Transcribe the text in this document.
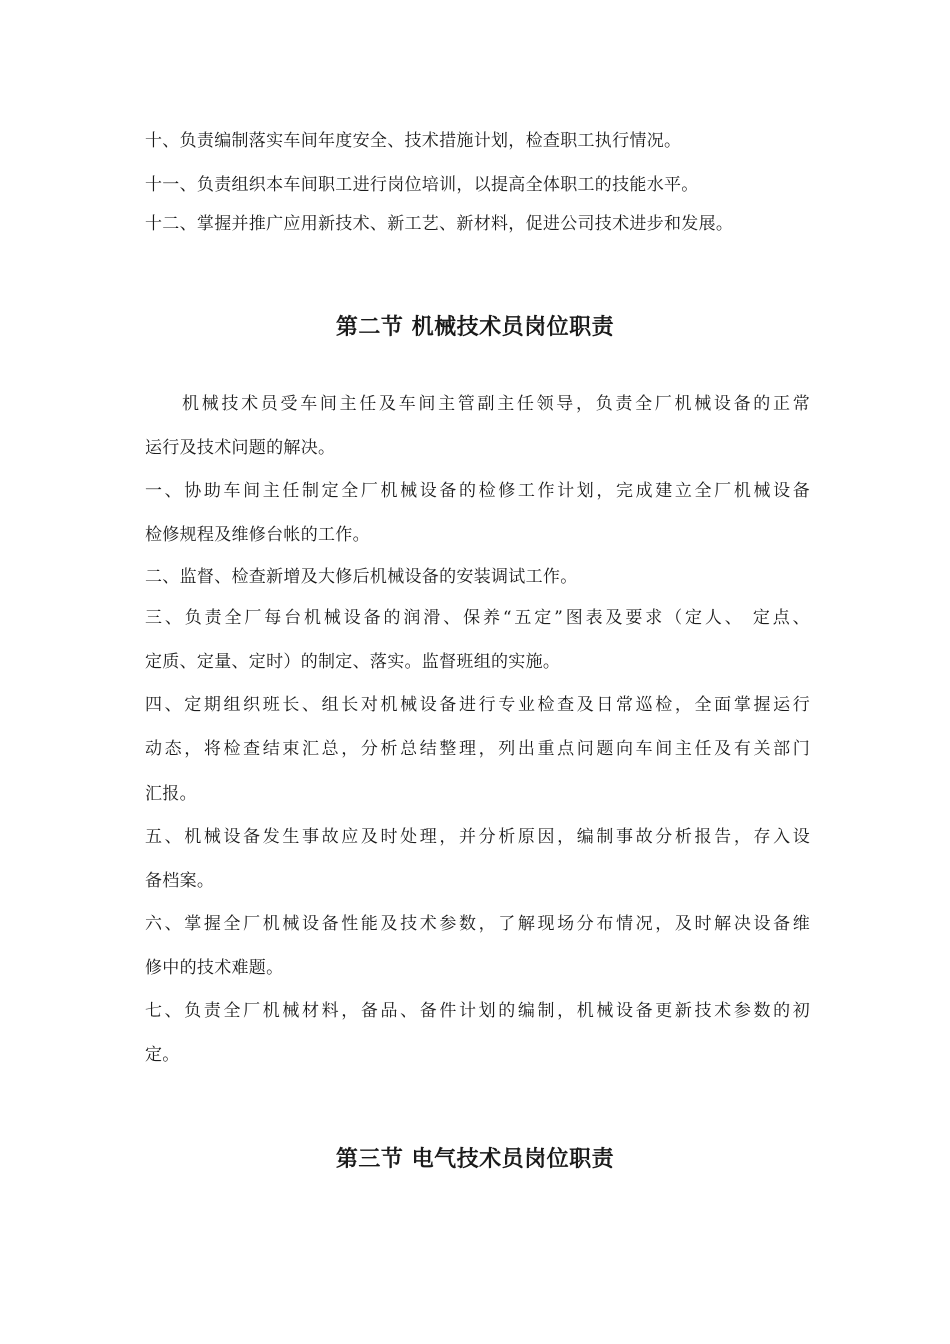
十、负责编制落实车间年度安全、技术措施计划，检查职工执行情况。
十一、负责组织本车间职工进行岗位培训，以提高全体职工的技能水平。
十二、掌握并推广应用新技术、新工艺、新材料，促进公司技术进步和发展。
第二节 机械技术员岗位职责
机械技术员受车间主任及车间主管副主任领导，负责全厂机械设备的正常
运行及技术问题的解决。
一、协助车间主任制定全厂机械设备的检修工作计划，完成建立全厂机械设备
检修规程及维修台帐的工作。
二、监督、检查新增及大修后机械设备的安装调试工作。
三、负责全厂每台机械设备的润滑、保养“五定”图表及要求（定人、 定点、
定质、定量、定时）的制定、落实。监督班组的实施。
四、定期组织班长、组长对机械设备进行专业检查及日常巡检，全面掌握运行
动态，将检查结束汇总，分析总结整理，列出重点问题向车间主任及有关部门
汇报。
五、机械设备发生事故应及时处理，并分析原因，编制事故分析报告，存入设
备档案。
六、掌握全厂机械设备性能及技术参数，了解现场分布情况，及时解决设备维
修中的技术难题。
七、负责全厂机械材料，备品、备件计划的编制，机械设备更新技术参数的初
定。
第三节 电气技术员岗位职责
